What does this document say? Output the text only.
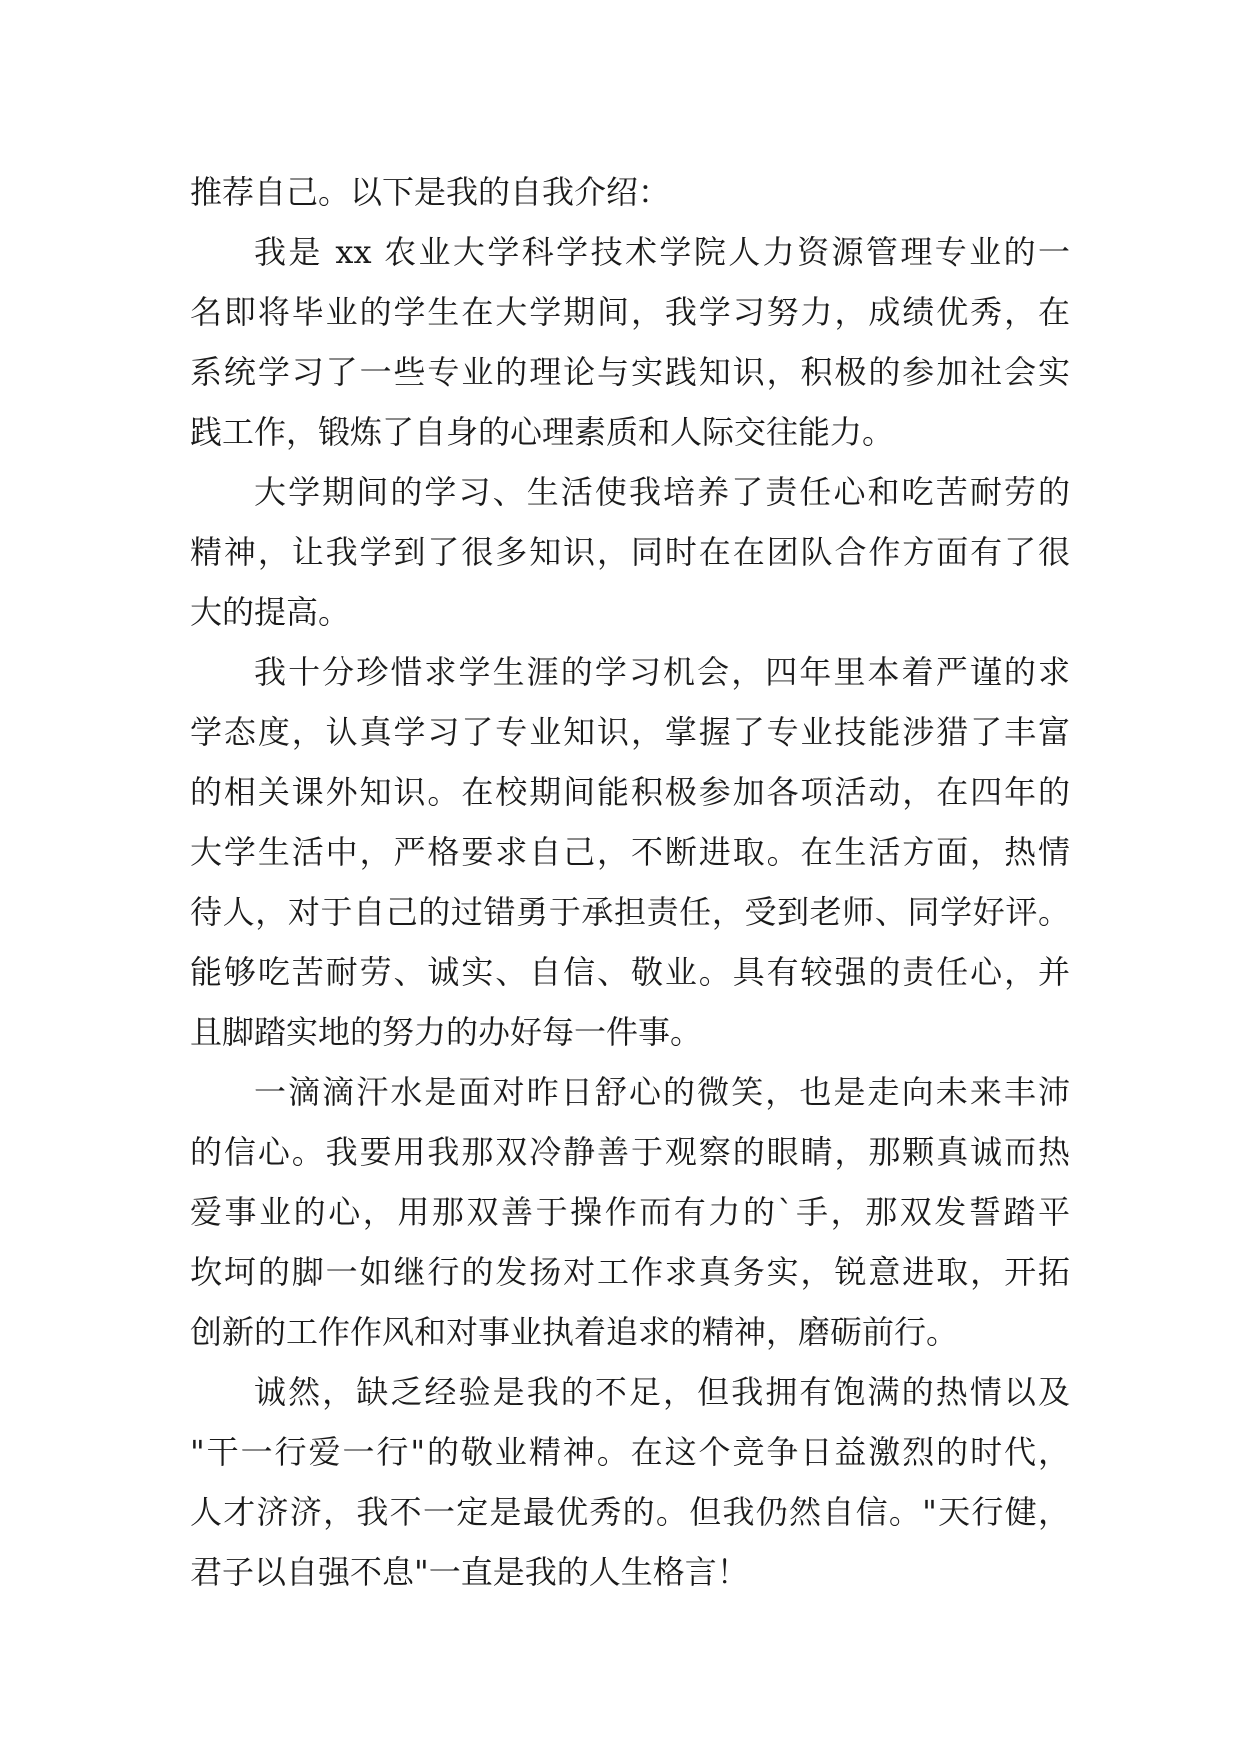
推荐自己。以下是我的自我介绍：
我是 xx 农业大学科学技术学院人力资源管理专业的一
名即将毕业的学生在大学期间，我学习努力，成绩优秀，在
系统学习了一些专业的理论与实践知识，积极的参加社会实
践工作，锻炼了自身的心理素质和人际交往能力。
大学期间的学习、生活使我培养了责任心和吃苦耐劳的
精神，让我学到了很多知识，同时在在团队合作方面有了很
大的提高。
我十分珍惜求学生涯的学习机会，四年里本着严谨的求
学态度，认真学习了专业知识，掌握了专业技能涉猎了丰富
的相关课外知识。在校期间能积极参加各项活动，在四年的
大学生活中，严格要求自己，不断进取。在生活方面，热情
待人，对于自己的过错勇于承担责任，受到老师、同学好评。
能够吃苦耐劳、诚实、自信、敬业。具有较强的责任心，并
且脚踏实地的努力的办好每一件事。
一滴滴汗水是面对昨日舒心的微笑，也是走向未来丰沛
的信心。我要用我那双冷静善于观察的眼睛，那颗真诚而热
爱事业的心，用那双善于操作而有力的`手，那双发誓踏平
坎坷的脚一如继行的发扬对工作求真务实，锐意进取，开拓
创新的工作作风和对事业执着追求的精神，磨砺前行。
诚然，缺乏经验是我的不足，但我拥有饱满的热情以及
"干一行爱一行"的敬业精神。在这个竞争日益激烈的时代，
人才济济，我不一定是最优秀的。但我仍然自信。"天行健，
君子以自强不息"一直是我的人生格言！
